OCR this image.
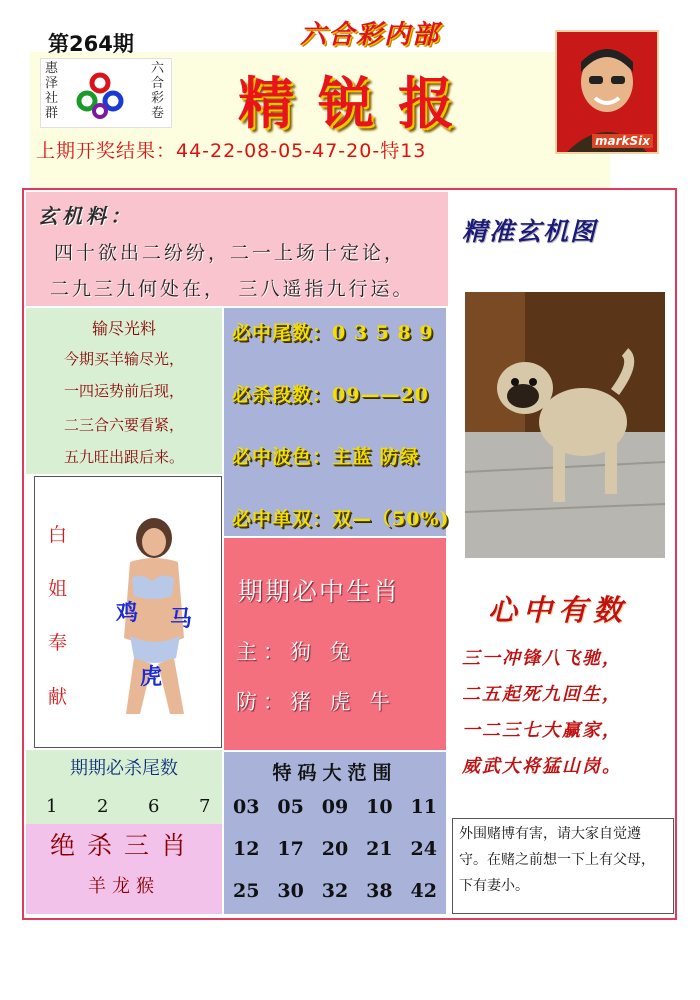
第264期	六合彩内部
惠泽社群
六合彩卷 精锐报
markSix
上期开奖结果：44-22-08-05-47-20-特13
玄机料：
四十欲出二纷纷，二一上场十定论，
二九三九何处在，　三八遥指九行运。
输尽光料
今期买羊输尽光，
一四运势前后现，
二三合六要看紧，
五九旺出跟后来。
必中尾数：0 3 5 8 9
必杀段数：09——20
必中波色：主蓝 防绿
必中单双：双—（50%)
白
姐
奉
献
鸡 马
虎
期期必中生肖
主：狗 兔
防：猪 虎 牛
期期必杀尾数
1 2 6 7
绝杀三肖
羊龙猴
特码大范围
03 05 09 10 11
12 17 20 21 24
25 30 32 38 42
精准玄机图
心中有数
三一冲锋八飞驰，
二五起死九回生，
一二三七大赢家，
威武大将猛山岗。
外围赌博有害，请大家自觉遵守。在赌之前想一下上有父母，下有妻小。
